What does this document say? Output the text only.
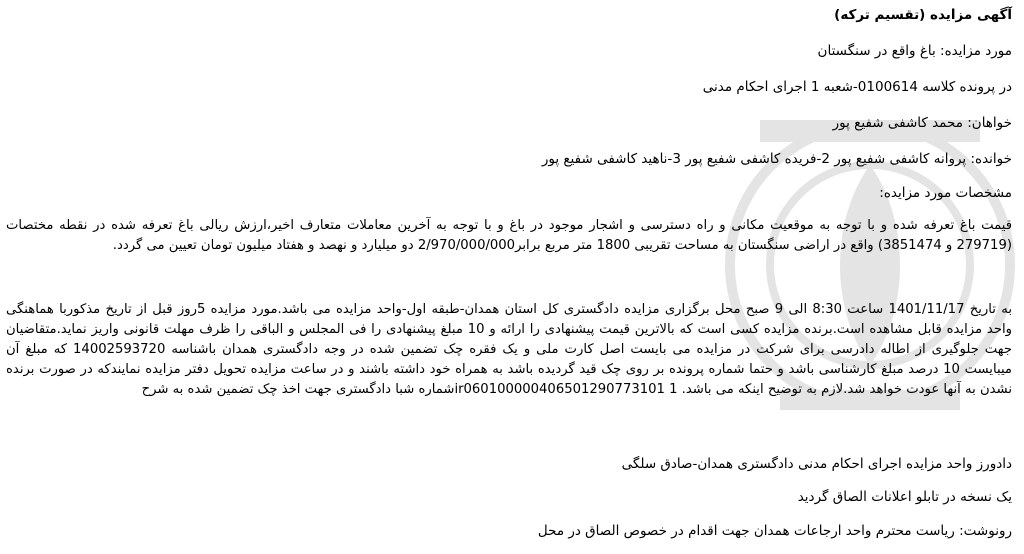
آگهی مزایده (تقسیم ترکه)
مورد مزایده: باغ واقع در سنگستان
در پرونده کلاسه 0100614-شعبه 1 اجرای احکام مدنی
خواهان: محمد کاشفی شفیع پور
خوانده: پروانه کاشفی شفیع پور 2-فریده کاشفی شفیع پور 3-ناهید کاشفی شفیع پور
مشخصات مورد مزایده:
قیمت باغ تعرفه شده و با توجه به موقعیت مکانی و راه دسترسی و اشجار موجود در باغ و با توجه به آخرین معاملات متعارف اخیر،ارزش ریالی باغ تعرفه شده در نقطه مختصات (279719 و 3851474) واقع در اراضی سنگستان به مساحت تقریبی 1800 متر مربع برابر2/970/000/000 دو میلیارد و نهصد و هفتاد میلیون تومان تعیین می گردد.
به تاریخ 1401/11/17 ساعت 8:30 الی 9 صبح محل برگزاری مزایده دادگستری کل استان همدان-طبقه اول-واحد مزایده می باشد.مورد مزایده 5روز قبل از تاریخ مذکوربا هماهنگی واحد مزایده قابل مشاهده است.برنده مزایده کسی است که بالاترین قیمت پیشنهادی را ارائه و 10 مبلغ پیشنهادی را فی المجلس و الباقی را ظرف مهلت قانونی واریز نماید.متقاضیان جهت جلوگیری از اطاله دادرسی برای شرکت در مزایده می بایست اصل کارت ملی و یک فقره چک تضمین شده در وجه دادگستری همدان باشناسه 14002593720 که مبلغ آن میبایست 10 درصد مبلغ کارشناسی باشد و حتما شماره پرونده بر روی چک قید گردیده باشد به همراه خود داشته باشند و در ساعت مزایده تحویل دفتر مزایده نمایندکه در صورت برنده نشدن به آنها عودت خواهد شد.لازم به توضیح اینکه می باشد. ir060100000406501290773101 1شماره شبا دادگستری جهت اخذ چک تضمین شده به شرح
دادورز واحد مزایده اجرای احکام مدنی دادگستری همدان-صادق سلگی
یک نسخه در تابلو اعلانات الصاق گردید
رونوشت: ریاست محترم واحد ارجاعات همدان جهت اقدام در خصوص الصاق در محل
